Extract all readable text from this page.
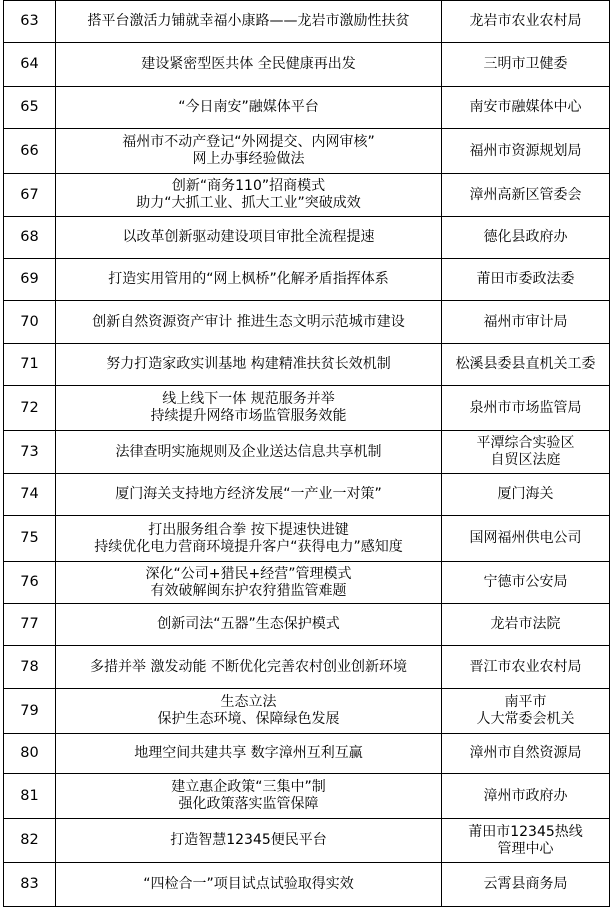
63	搭平台激活力铺就幸福小康路——龙岩市激励性扶贫	龙岩市农业农村局

64	建设紧密型医共体 全民健康再出发	三明市卫健委

65	“今日南安”融媒体平台	南安市融媒体中心

66	福州市不动产登记“外网提交、内网审核”
网上办事经验做法	福州市资源规划局

67	创新“商务110”招商模式
助力“大抓工业、抓大工业”突破成效	漳州高新区管委会

68	以改革创新驱动建设项目审批全流程提速	德化县政府办

69	打造实用管用的“网上枫桥”化解矛盾指挥体系	莆田市委政法委

70	创新自然资源资产审计 推进生态文明示范城市建设	福州市审计局

71	努力打造家政实训基地 构建精准扶贫长效机制	松溪县委县直机关工委

72	线上线下一体 规范服务并举
持续提升网络市场监管服务效能	泉州市市场监管局

73	法律查明实施规则及企业送达信息共享机制	平潭综合实验区
自贸区法庭

74	厦门海关支持地方经济发展“一产业一对策”	厦门海关

75	打出服务组合拳 按下提速快进键
持续优化电力营商环境提升客户“获得电力”感知度	国网福州供电公司

76	深化“公司+猎民+经营”管理模式
有效破解闽东护农狩猎监管难题	宁德市公安局

77	创新司法“五器”生态保护模式	龙岩市法院

78	多措并举 激发动能 不断优化完善农村创业创新环境	晋江市农业农村局

79	生态立法
保护生态环境、保障绿色发展	南平市
人大常委会机关

80	地理空间共建共享 数字漳州互利互赢	漳州市自然资源局

81	建立惠企政策“三集中”制
强化政策落实监管保障	漳州市政府办

82	打造智慧12345便民平台	莆田市12345热线
管理中心

83	“四检合一”项目试点试验取得实效	云霄县商务局
